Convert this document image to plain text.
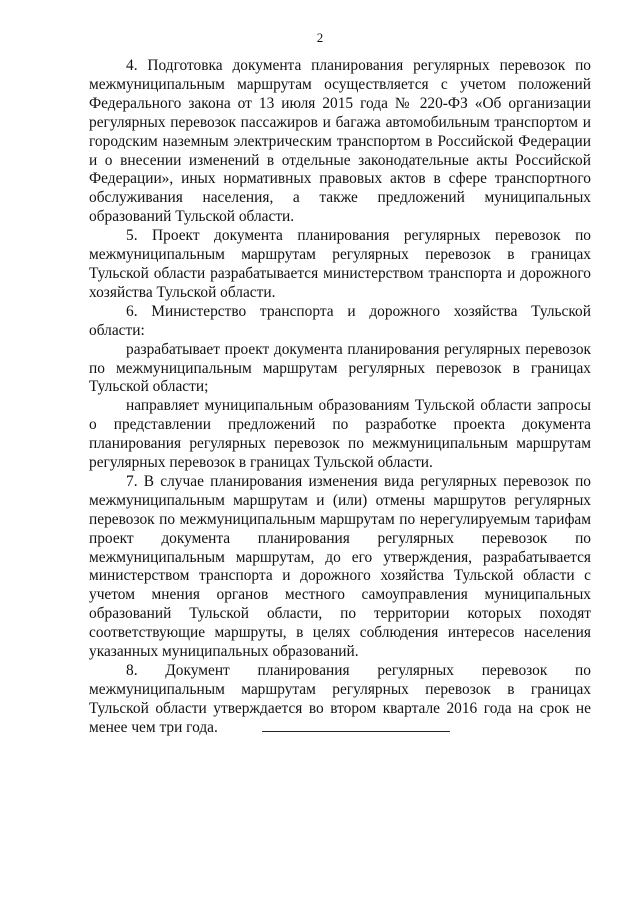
2

4. Подготовка документа планирования регулярных перевозок по межмуниципальным маршрутам осуществляется с учетом положений Федерального закона от 13 июля 2015 года № 220-ФЗ «Об организации регулярных перевозок пассажиров и багажа автомобильным транспортом и городским наземным электрическим транспортом в Российской Федерации и о внесении изменений в отдельные законодательные акты Российской Федерации», иных нормативных правовых актов в сфере транспортного обслуживания населения, а также предложений муниципальных образований Тульской области.

5. Проект документа планирования регулярных перевозок по межмуниципальным маршрутам регулярных перевозок в границах Тульской области разрабатывается министерством транспорта и дорожного хозяйства Тульской области.

6. Министерство транспорта и дорожного хозяйства Тульской области:

разрабатывает проект документа планирования регулярных перевозок по межмуниципальным маршрутам регулярных перевозок в границах Тульской области;

направляет муниципальным образованиям Тульской области запросы о представлении предложений по разработке проекта документа планирования регулярных перевозок по межмуниципальным маршрутам регулярных перевозок в границах Тульской области.

7. В случае планирования изменения вида регулярных перевозок по межмуниципальным маршрутам и (или) отмены маршрутов регулярных перевозок по межмуниципальным маршрутам по нерегулируемым тарифам проект документа планирования регулярных перевозок по межмуниципальным маршрутам, до его утверждения, разрабатывается министерством транспорта и дорожного хозяйства Тульской области с учетом мнения органов местного самоуправления муниципальных образований Тульской области, по территории которых походят соответствующие маршруты, в целях соблюдения интересов населения указанных муниципальных образований.

8. Документ планирования регулярных перевозок по межмуниципальным маршрутам регулярных перевозок в границах Тульской области утверждается во втором квартале 2016 года на срок не менее чем три года.
